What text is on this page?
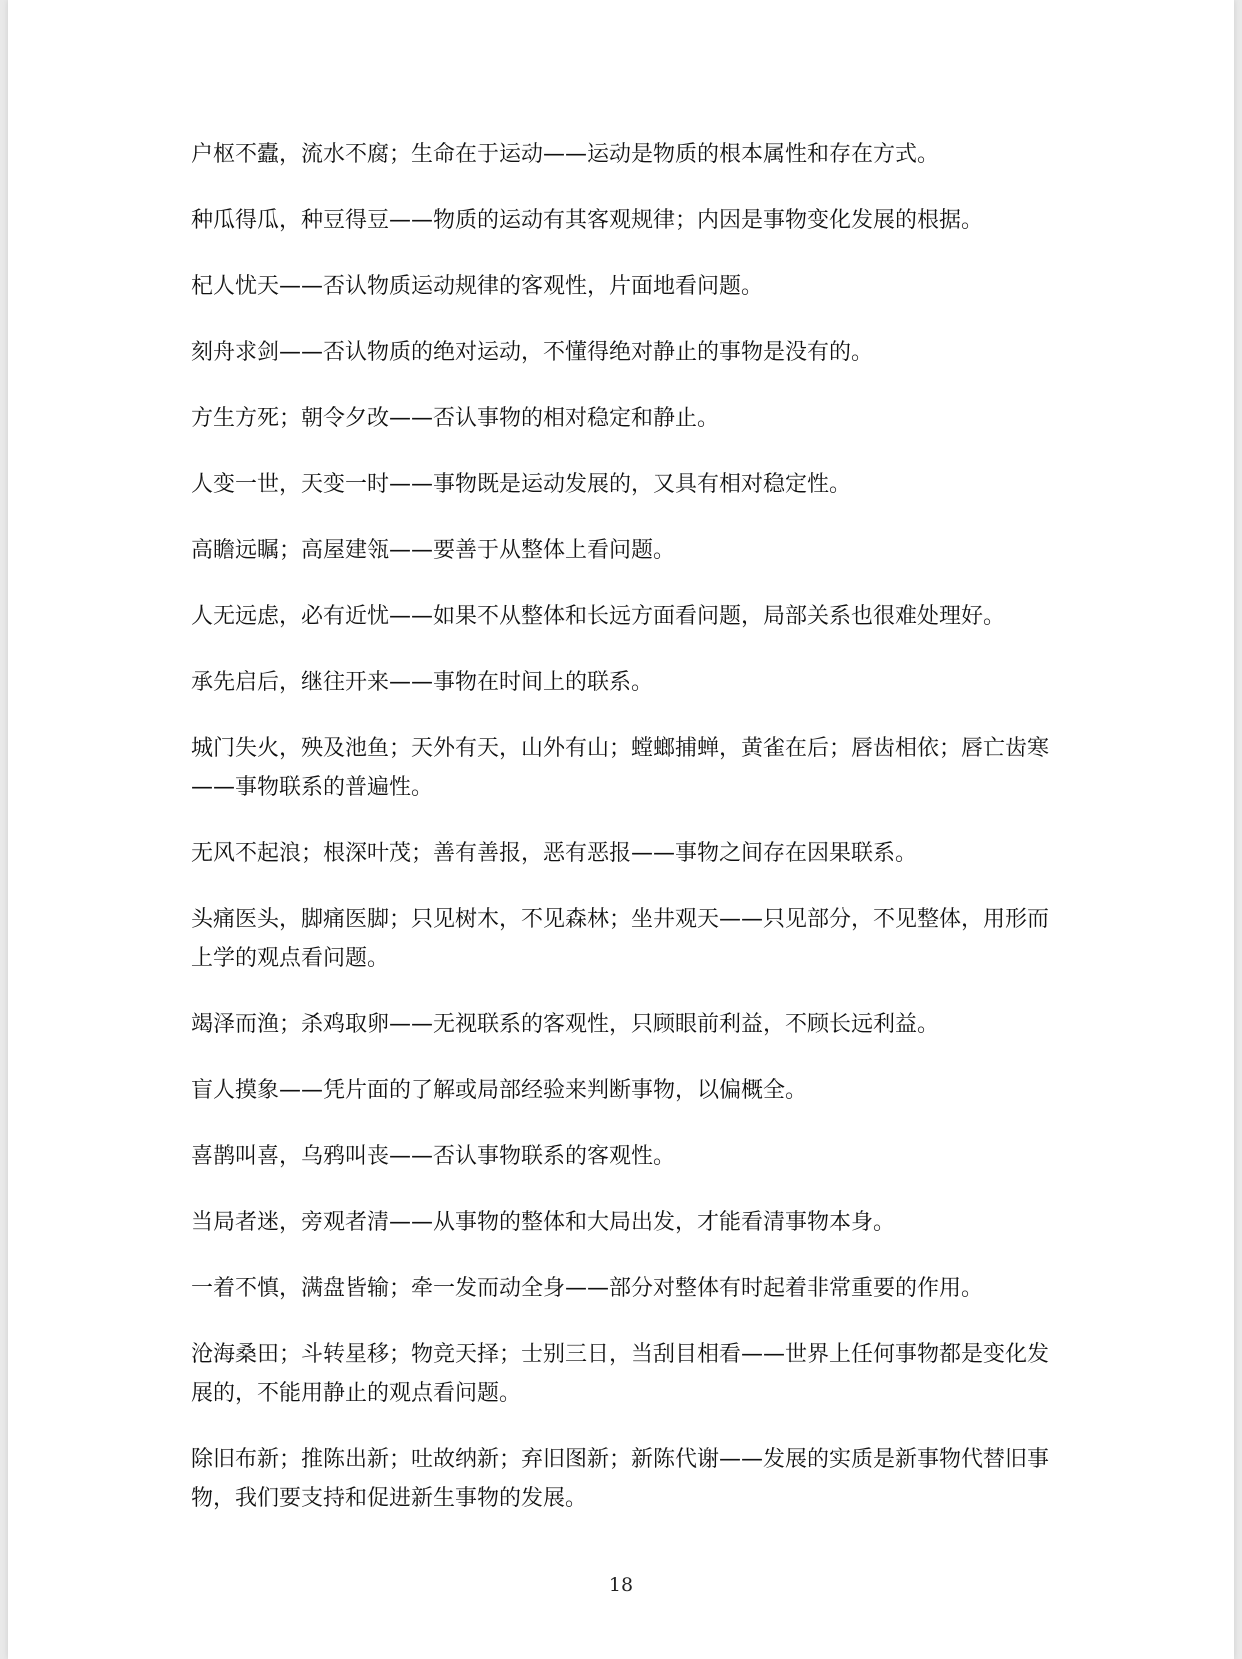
户枢不蠹，流水不腐；生命在于运动——运动是物质的根本属性和存在方式。

种瓜得瓜，种豆得豆——物质的运动有其客观规律；内因是事物变化发展的根据。

杞人忧天——否认物质运动规律的客观性，片面地看问题。

刻舟求剑——否认物质的绝对运动，不懂得绝对静止的事物是没有的。

方生方死；朝令夕改——否认事物的相对稳定和静止。

人变一世，天变一时——事物既是运动发展的，又具有相对稳定性。

高瞻远瞩；高屋建瓴——要善于从整体上看问题。

人无远虑，必有近忧——如果不从整体和长远方面看问题，局部关系也很难处理好。

承先启后，继往开来——事物在时间上的联系。

城门失火，殃及池鱼；天外有天，山外有山；螳螂捕蝉，黄雀在后；唇齿相依；唇亡齿寒——事物联系的普遍性。

无风不起浪；根深叶茂；善有善报，恶有恶报——事物之间存在因果联系。

头痛医头，脚痛医脚；只见树木，不见森林；坐井观天——只见部分，不见整体，用形而上学的观点看问题。

竭泽而渔；杀鸡取卵——无视联系的客观性，只顾眼前利益，不顾长远利益。

盲人摸象——凭片面的了解或局部经验来判断事物，以偏概全。

喜鹊叫喜，乌鸦叫丧——否认事物联系的客观性。

当局者迷，旁观者清——从事物的整体和大局出发，才能看清事物本身。

一着不慎，满盘皆输；牵一发而动全身——部分对整体有时起着非常重要的作用。

沧海桑田；斗转星移；物竞天择；士别三日，当刮目相看——世界上任何事物都是变化发展的，不能用静止的观点看问题。

除旧布新；推陈出新；吐故纳新；弃旧图新；新陈代谢——发展的实质是新事物代替旧事物，我们要支持和促进新生事物的发展。

18
